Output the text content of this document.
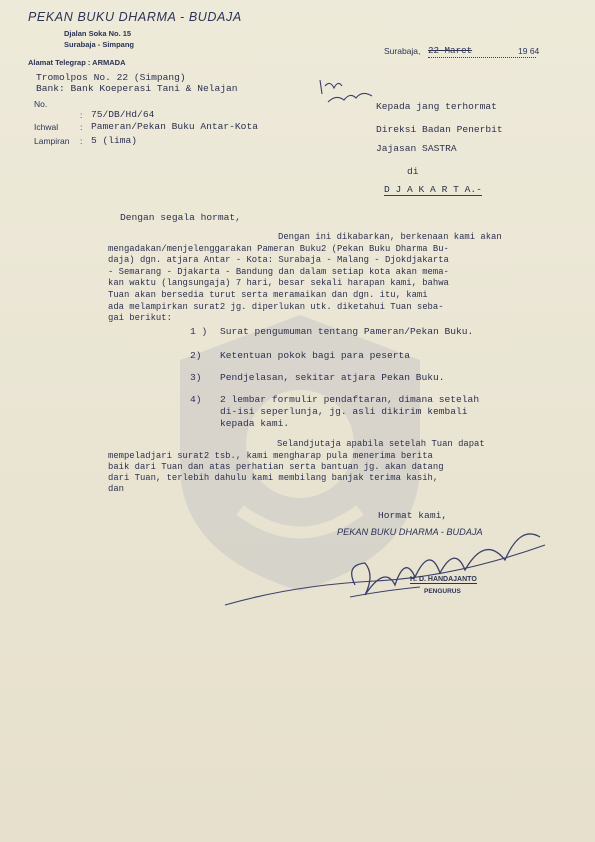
PEKAN BUKU DHARMA - BUDAJA
Djalan Soka No. 15
Surabaja - Simpang
Alamat Telegrap : ARMADA
Surabaja, 22 Maret	19 64
Tromolpos No. 22 (Simpang)
Bank: Bank Koeperasi Tani & Nelajan
No.
: 75/DB/Hd/64
Ichwal	: Pameran/Pekan Buku Antar-Kota
Lampiran : 5 (lima)
Kepada jang terhormat
Direksi Badan Penerbit
Jajasan SASTRA
di
D J A K A R T A.-
Dengan segala hormat,
Dengan ini dikabarkan, berkenaan kami akan
mengadakan/menjelenggarakan Pameran Buku2 (Pekan Buku Dharma Bu-
daja) dgn. atjara Antar - Kota: Surabaja - Malang - Djokdjakarta
- Semarang - Djakarta - Bandung dan dalam setiap kota akan mema-
kan waktu (langsungaja) 7 hari, besar sekali harapan kami, bahwa
Tuan akan bersedia turut serta meramaikan dan dgn. itu, kami
ada melampirkan surat2 jg. diperlukan utk. diketahui Tuan seba-
gai berikut:
1 ) Surat pengumuman tentang Pameran/Pekan Buku.
2) Ketentuan pokok bagi para peserta
3) Pendjelasan, sekitar atjara Pekan Buku.
4) 2 lembar formulir pendaftaran, dimana setelah
di-isi seperlunja, jg. asli dikirim kembali
kepada kami.
Selandjutaja apabila setelah Tuan dapat
mempeladjari surat2 tsb., kami mengharap pula menerima berita
baik dari Tuan dan atas perhatian serta bantuan jg. akan datang
dari Tuan, terlebih dahulu kami membilang banjak terima kasih,
dan
Hormat kami,
PEKAN BUKU DHARMA - BUDAJA
H. D. HANDAJANTO
PENGURUS
